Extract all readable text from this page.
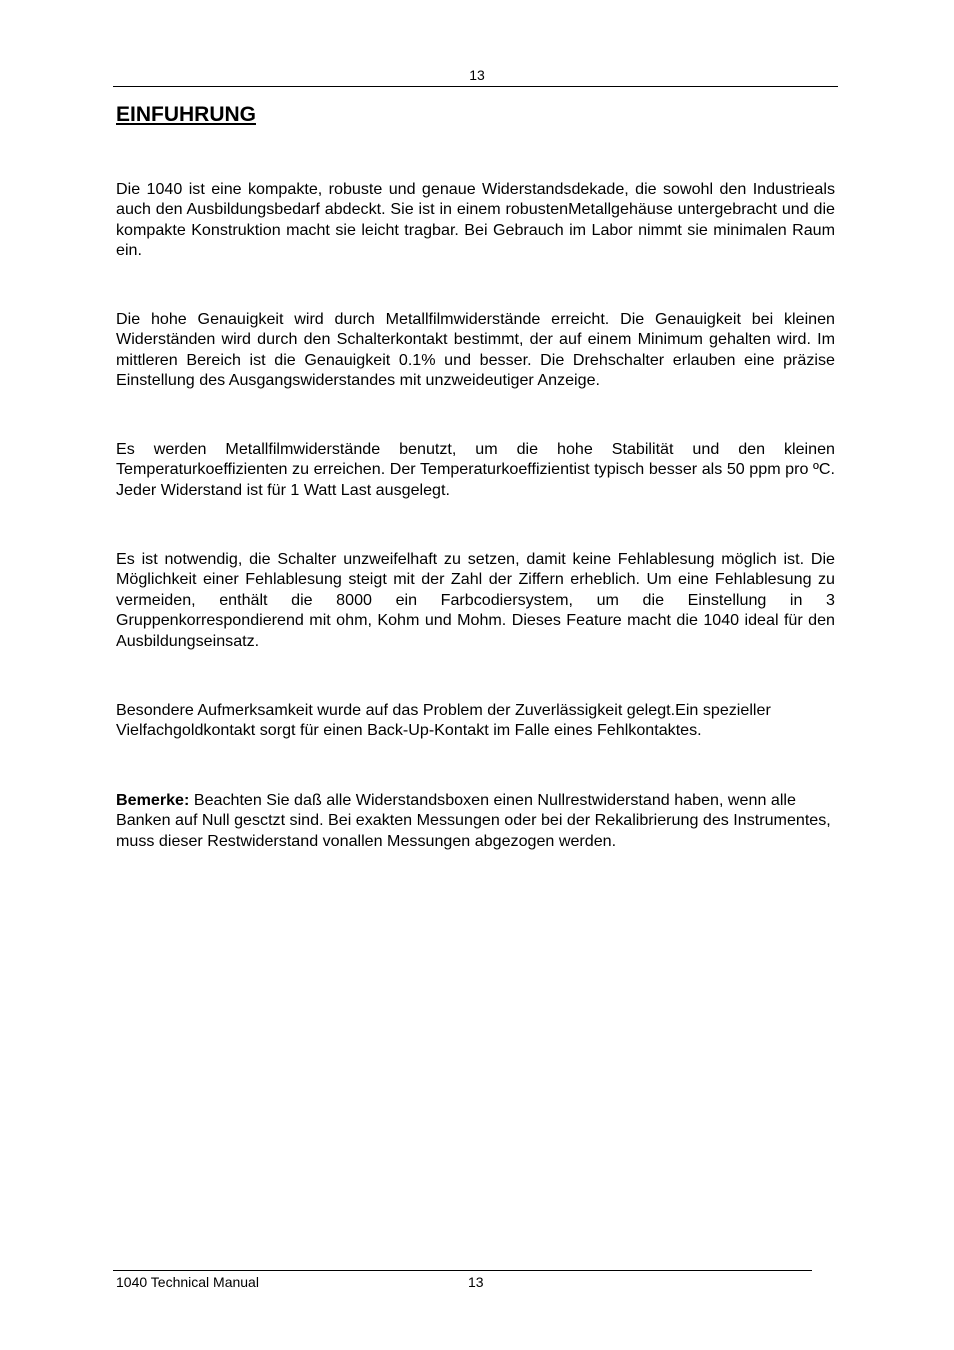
13
EINFUHRUNG

Die 1040 ist eine kompakte, robuste und genaue Widerstandsdekade, die sowohl den Industrieals auch den Ausbildungsbedarf abdeckt. Sie ist in einem robustenMetallgehäuse untergebracht und die kompakte Konstruktion macht sie leicht tragbar. Bei Gebrauch im Labor nimmt sie minimalen Raum ein.

Die hohe Genauigkeit wird durch Metallfilmwiderstände erreicht. Die Genauigkeit bei kleinen Widerständen wird durch den Schalterkontakt bestimmt, der auf einem Minimum gehalten wird. Im mittleren Bereich ist die Genauigkeit 0.1% und besser. Die Drehschalter erlauben eine präzise Einstellung des Ausgangswiderstandes mit unzweideutiger Anzeige.

Es werden Metallfilmwiderstände benutzt, um die hohe Stabilität und den kleinen Temperaturkoeffizienten zu erreichen. Der Temperaturkoeffizientist typisch besser als 50 ppm pro ºC. Jeder Widerstand ist für 1 Watt Last ausgelegt.

Es ist notwendig, die Schalter unzweifelhaft zu setzen, damit keine Fehlablesung möglich ist. Die Möglichkeit einer Fehlablesung steigt mit der Zahl der Ziffern erheblich. Um eine Fehlablesung zu vermeiden, enthält die 8000 ein Farbcodiersystem, um die Einstellung in 3 Gruppenkorrespondierend mit ohm, Kohm und Mohm. Dieses Feature macht die 1040 ideal für den Ausbildungseinsatz.

Besondere Aufmerksamkeit wurde auf das Problem der Zuverlässigkeit gelegt.Ein spezieller Vielfachgoldkontakt sorgt für einen Back-Up-Kontakt im Falle eines Fehlkontaktes.

Bemerke: Beachten Sie daß alle Widerstandsboxen einen Nullrestwiderstand haben, wenn alle Banken auf Null gesctzt sind. Bei exakten Messungen oder bei der Rekalibrierung des Instrumentes, muss dieser Restwiderstand vonallen Messungen abgezogen werden.

1040 Technical Manual	13
